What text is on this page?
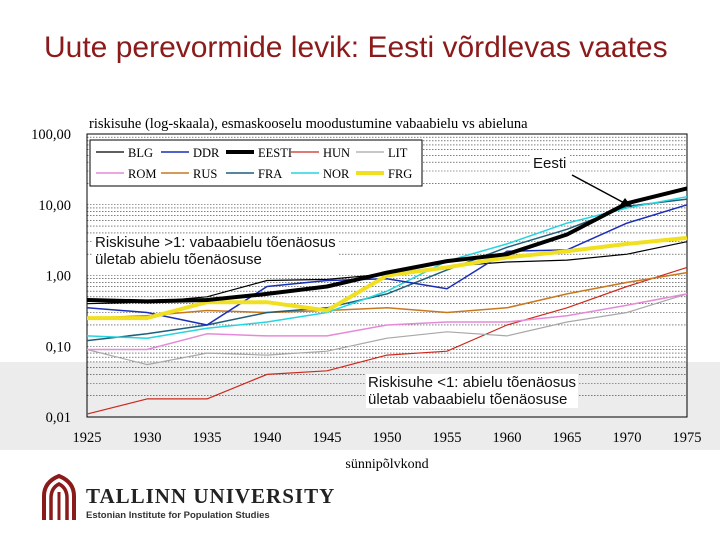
Uute perevormide levik: Eesti võrdlevas vaates
BLG	DDR	EESTI HUN	LIT
ROM	RUS	FRA	NOR	FRG
0,01
0,10
1,00
10,00
100,00
1925 1930 1935 1940 1945 1950 1955 1960 1965 1970 1975
riskisuhe (log-skaala), esmaskooselu moodustumine vabaabielu vs abieluna
sünnipõlvkond
Eesti
Riskisuhe >1: vabaabielu tõenäosus
ületab abielu tõenäosuse
Riskisuhe <1: abielu tõenäosus
ületab vabaabielu tõenäosuse
TALLINN UNIVERSITY
Estonian Institute for Population Studies
